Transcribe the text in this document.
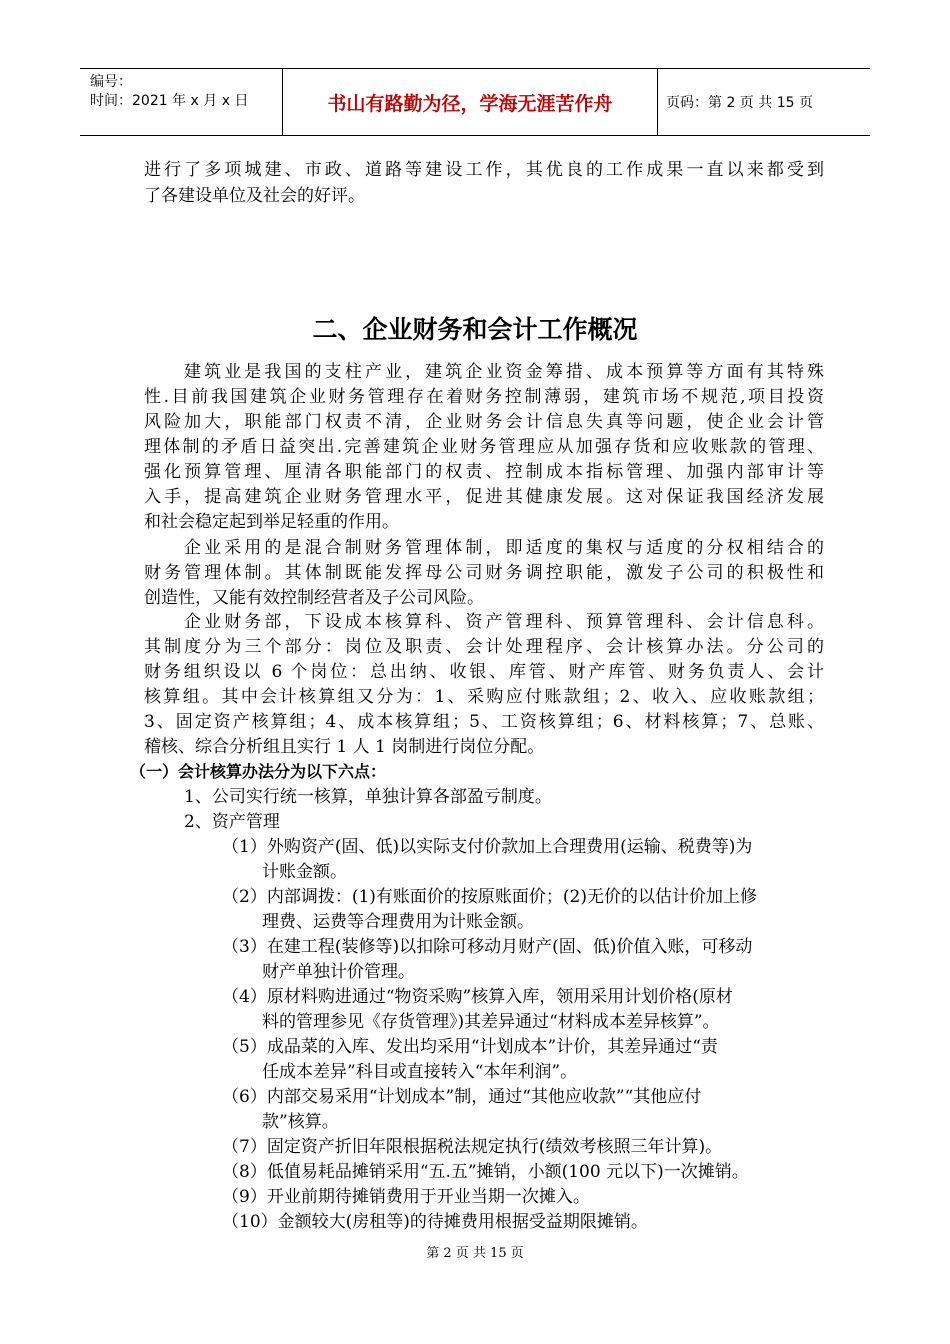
编号：
时间：2021 年 x 月 x 日	书山有路勤为径，学海无涯苦作舟	页码：第 2 页 共 15 页
进行了多项城建、市政、道路等建设工作，其优良的工作成果一直以来都受到
了各建设单位及社会的好评。
二、企业财务和会计工作概况
建筑业是我国的支柱产业，建筑企业资金筹措、成本预算等方面有其特殊
性.目前我国建筑企业财务管理存在着财务控制薄弱，建筑市场不规范,项目投资
风险加大，职能部门权责不清，企业财务会计信息失真等问题，使企业会计管
理体制的矛盾日益突出.完善建筑企业财务管理应从加强存货和应收账款的管理、
强化预算管理、厘清各职能部门的权责、控制成本指标管理、加强内部审计等
入手，提高建筑企业财务管理水平，促进其健康发展。这对保证我国经济发展
和社会稳定起到举足轻重的作用。
企业采用的是混合制财务管理体制，即适度的集权与适度的分权相结合的
财务管理体制。其体制既能发挥母公司财务调控职能，激发子公司的积极性和
创造性，又能有效控制经营者及子公司风险。
企业财务部，下设成本核算科、资产管理科、预算管理科、会计信息科。
其制度分为三个部分：岗位及职责、会计处理程序、会计核算办法。分公司的
财务组织设以 6 个岗位：总出纳、收银、库管、财产库管、财务负责人、会计
核算组。其中会计核算组又分为：1、采购应付账款组；2、收入、应收账款组；
3、固定资产核算组；4、成本核算组；5、工资核算组；6、材料核算；7、总账、
稽核、综合分析组且实行 1 人 1 岗制进行岗位分配。
（一）会计核算办法分为以下六点：
1、公司实行统一核算，单独计算各部盈亏制度。
2、资产管理
（1）外购资产(固、低)以实际支付价款加上合理费用(运输、税费等)为
计账金额。
（2）内部调拨：(1)有账面价的按原账面价；(2)无价的以估计价加上修
理费、运费等合理费用为计账金额。
（3）在建工程(装修等)以扣除可移动月财产(固、低)价值入账，可移动
财产单独计价管理。
（4）原材料购进通过“物资采购”核算入库，领用采用计划价格(原材
料的管理参见《存货管理》)其差异通过“材料成本差异核算”。
（5）成品菜的入库、发出均采用“计划成本”计价，其差异通过“责
任成本差异”科目或直接转入“本年利润”。
（6）内部交易采用“计划成本”制，通过“其他应收款”“其他应付
款”核算。
（7）固定资产折旧年限根据税法规定执行(绩效考核照三年计算)。
（8）低值易耗品摊销采用“五.五”摊销，小额(100 元以下)一次摊销。
（9）开业前期待摊销费用于开业当期一次摊入。
（10）金额较大(房租等)的待摊费用根据受益期限摊销。
第 2 页 共 15 页
